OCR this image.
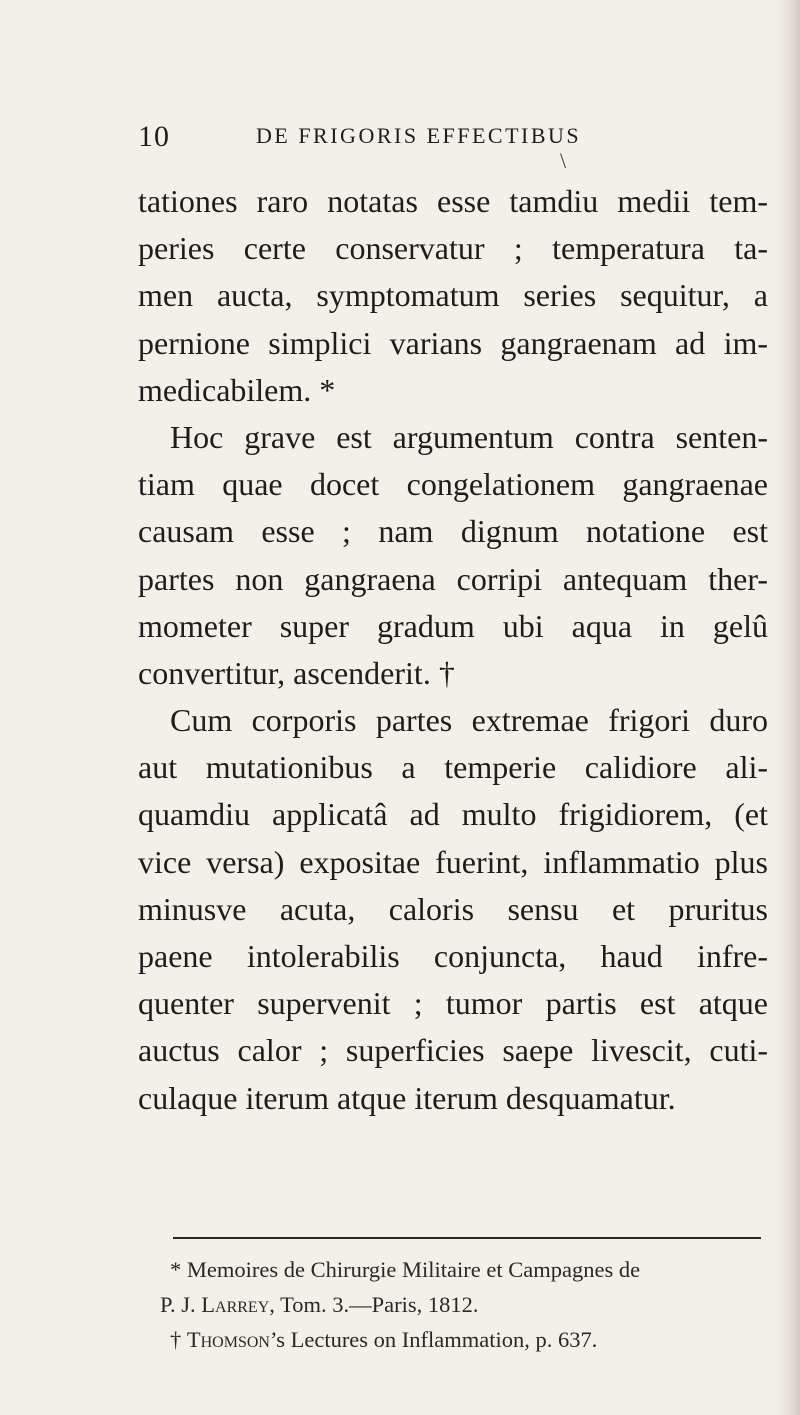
10	DE FRIGORIS EFFECTIBUS
\
tationes raro notatas esse tamdiu medii tem-
peries certe conservatur ; temperatura ta-
men aucta, symptomatum series sequitur, a
pernione simplici varians gangraenam ad im-
medicabilem. *
Hoc grave est argumentum contra senten-
tiam quae docet congelationem gangraenae
causam esse ; nam dignum notatione est
partes non gangraena corripi antequam ther-
mometer super gradum ubi aqua in gelû
convertitur, ascenderit. †
Cum corporis partes extremae frigori duro
aut mutationibus a temperie calidiore ali-
quamdiu applicatâ ad multo frigidiorem, (et
vice versa) expositae fuerint, inflammatio plus
minusve acuta, caloris sensu et pruritus
paene intolerabilis conjuncta, haud infre-
quenter supervenit ; tumor partis est atque
auctus calor ; superficies saepe livescit, cuti-
culaque iterum atque iterum desquamatur.
* Memoires de Chirurgie Militaire et Campagnes de
P. J. Larrey, Tom. 3.—Paris, 1812.
† Thomson’s Lectures on Inflammation, p. 637.
